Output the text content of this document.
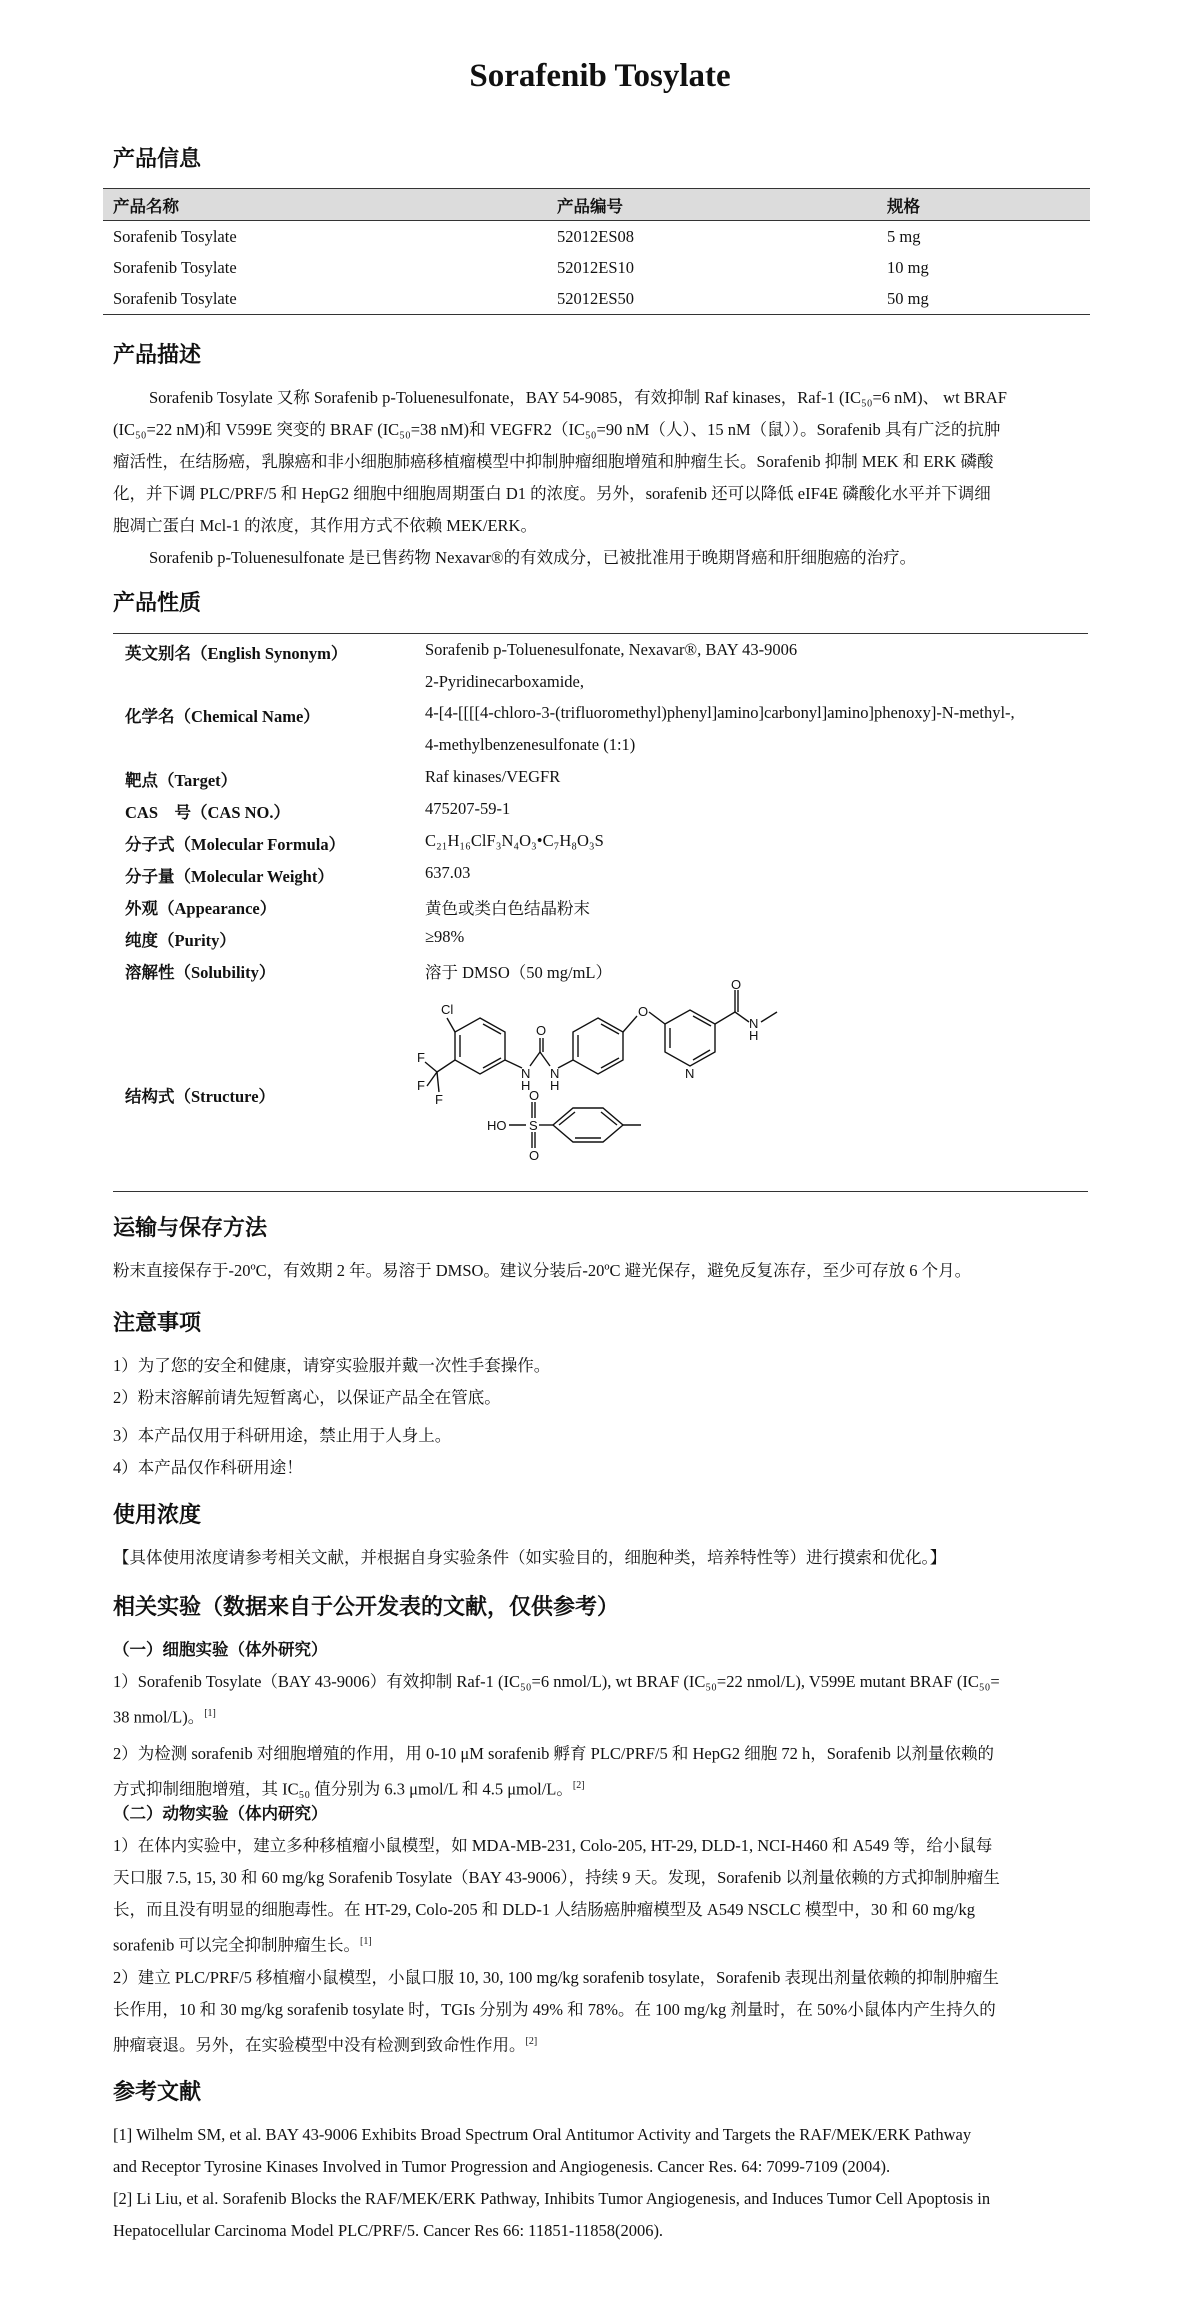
Sorafenib Tosylate
产品信息
产品名称	产品编号	规格
Sorafenib Tosylate	52012ES08	5 mg
Sorafenib Tosylate	52012ES10	10 mg
Sorafenib Tosylate	52012ES50	50 mg
产品描述
Sorafenib Tosylate 又称 Sorafenib p-Toluenesulfonate，BAY 54-9085，有效抑制 Raf kinases，Raf-1 (IC₅₀=6 nM)、 wt BRAF
(IC₅₀=22 nM)和 V599E 突变的 BRAF (IC₅₀=38 nM)和 VEGFR2（IC₅₀=90 nM（人）、15 nM（鼠））。Sorafenib 具有广泛的抗肿
瘤活性，在结肠癌，乳腺癌和非小细胞肺癌移植瘤模型中抑制肿瘤细胞增殖和肿瘤生长。Sorafenib 抑制 MEK 和 ERK 磷酸
化，并下调 PLC/PRF/5 和 HepG2 细胞中细胞周期蛋白 D1 的浓度。另外，sorafenib 还可以降低 eIF4E 磷酸化水平并下调细
胞凋亡蛋白 Mcl-1 的浓度，其作用方式不依赖 MEK/ERK。
Sorafenib p-Toluenesulfonate 是已售药物 Nexavar®的有效成分，已被批准用于晚期肾癌和肝细胞癌的治疗。
产品性质
英文别名（English Synonym）	Sorafenib p-Toluenesulfonate, Nexavar®, BAY 43-9006
2-Pyridinecarboxamide,
化学名（Chemical Name）	4-[4-[[[[4-chloro-3-(trifluoromethyl)phenyl]amino]carbonyl]amino]phenoxy]-N-methyl-,
4-methylbenzenesulfonate (1:1)
靶点（Target）	Raf kinases/VEGFR
CAS　号（CAS NO.）	475207-59-1
分子式（Molecular Formula）	C₂₁H₁₆ClF₃N₄O₃•C₇H₈O₃S
分子量（Molecular Weight）	637.03
外观（Appearance）	黄色或类白色结晶粉末
纯度（Purity）	≥98%
溶解性（Solubility）	溶于 DMSO（50 mg/mL）
结构式（Structure）
Cl
F
F
F
O
N
H
N
H
O
N
O
N
H
S
O
O
HO
运输与保存方法
粉末直接保存于-20ºC，有效期 2 年。易溶于 DMSO。建议分装后-20ºC 避光保存，避免反复冻存，至少可存放 6 个月。
注意事项
1）为了您的安全和健康，请穿实验服并戴一次性手套操作。
2）粉末溶解前请先短暂离心，以保证产品全在管底。
3）本产品仅用于科研用途，禁止用于人身上。
4）本产品仅作科研用途！
使用浓度
【具体使用浓度请参考相关文献，并根据自身实验条件（如实验目的，细胞种类，培养特性等）进行摸索和优化。】
相关实验（数据来自于公开发表的文献，仅供参考）
（一）细胞实验（体外研究）
1）Sorafenib Tosylate（BAY 43-9006）有效抑制 Raf-1 (IC₅₀=6 nmol/L), wt BRAF (IC₅₀=22 nmol/L), V599E mutant BRAF (IC₅₀=
38 nmol/L)。[1]
2）为检测 sorafenib 对细胞增殖的作用，用 0-10 μM sorafenib 孵育 PLC/PRF/5 和 HepG2 细胞 72 h，Sorafenib 以剂量依赖的
方式抑制细胞增殖，其 IC₅₀ 值分别为 6.3 μmol/L 和 4.5 μmol/L。[2]
（二）动物实验（体内研究）
1）在体内实验中，建立多种移植瘤小鼠模型，如 MDA-MB-231, Colo-205, HT-29, DLD-1, NCI-H460 和 A549 等，给小鼠每
天口服 7.5, 15, 30 和 60 mg/kg Sorafenib Tosylate（BAY 43-9006），持续 9 天。发现，Sorafenib 以剂量依赖的方式抑制肿瘤生
长，而且没有明显的细胞毒性。在 HT-29, Colo-205 和 DLD-1 人结肠癌肿瘤模型及 A549 NSCLC 模型中，30 和 60 mg/kg
sorafenib 可以完全抑制肿瘤生长。[1]
2）建立 PLC/PRF/5 移植瘤小鼠模型，小鼠口服 10, 30, 100 mg/kg sorafenib tosylate，Sorafenib 表现出剂量依赖的抑制肿瘤生
长作用，10 和 30 mg/kg sorafenib tosylate 时，TGIs 分别为 49% 和 78%。在 100 mg/kg 剂量时，在 50%小鼠体内产生持久的
肿瘤衰退。另外，在实验模型中没有检测到致命性作用。[2]
参考文献
[1] Wilhelm SM, et al. BAY 43-9006 Exhibits Broad Spectrum Oral Antitumor Activity and Targets the RAF/MEK/ERK Pathway
and Receptor Tyrosine Kinases Involved in Tumor Progression and Angiogenesis. Cancer Res. 64: 7099-7109 (2004).
[2] Li Liu, et al. Sorafenib Blocks the RAF/MEK/ERK Pathway, Inhibits Tumor Angiogenesis, and Induces Tumor Cell Apoptosis in
Hepatocellular Carcinoma Model PLC/PRF/5. Cancer Res 66: 11851-11858(2006).
